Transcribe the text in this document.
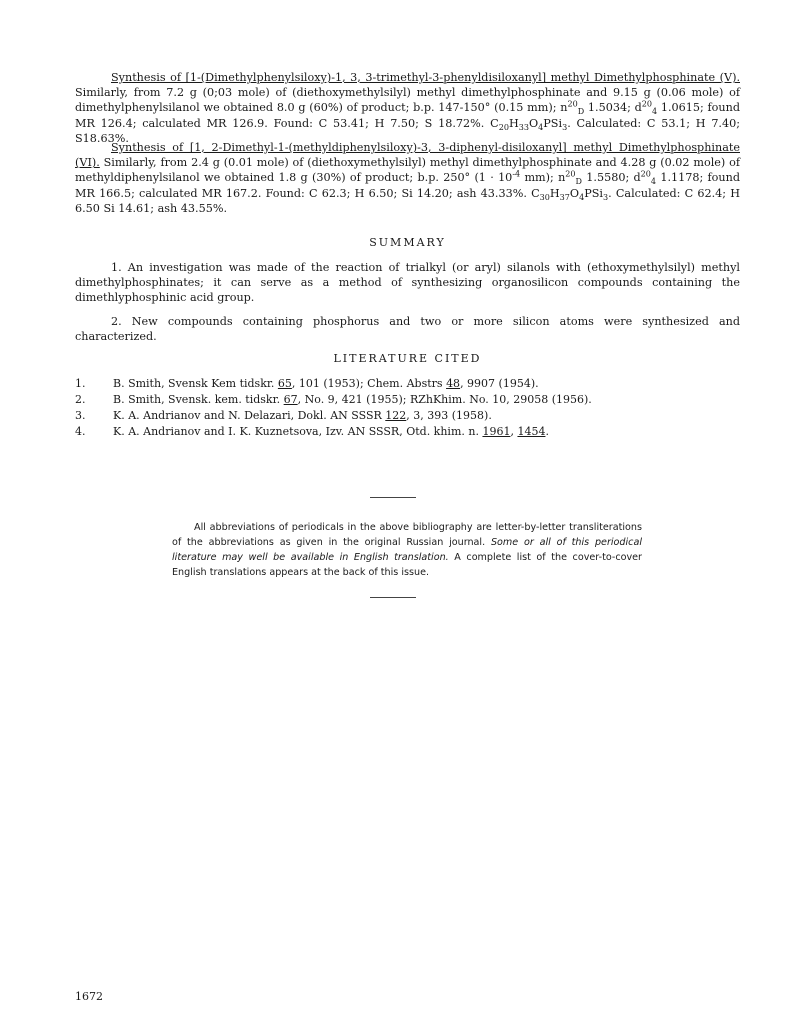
Synthesis of [1-(Dimethylphenylsiloxy)-1, 3, 3-trimethyl-3-phenyldisiloxanyl] methyl Dimethylphosphinate (V). Similarly, from 7.2 g (0;03 mole) of (diethoxymethylsilyl) methyl dimethylphosphinate and 9.15 g (0.06 mole) of dimethylphenylsilanol we obtained 8.0 g (60%) of product; b.p. 147-150° (0.15 mm); $n^{20}_D$ 1.5034; $d^{20}_4$ 1.0615; found MR 126.4; calculated MR 126.9. Found: C 53.41; H 7.50; S 18.72%. $C_{20}H_{33}O_4PSi_3$. Calculated: C 53.1; H 7.40; S18.63%.

Synthesis of [1, 2-Dimethyl-1-(methyldiphenylsiloxy)-3, 3-diphenyl-disiloxanyl] methyl Dimethylphosphinate (VI). Similarly, from 2.4 g (0.01 mole) of (diethoxymethylsilyl) methyl dimethylphosphinate and 4.28 g (0.02 mole) of methyldiphenylsilanol we obtained 1.8 g (30%) of product; b.p. 250° ($1 \cdot 10^{-4}$ mm); $n^{20}_D$ 1.5580; $d^{20}_4$ 1.1178; found MR 166.5; calculated MR 167.2. Found: C 62.3; H 6.50; Si 14.20; ash 43.33%. $C_{30}H_{37}O_4PSi_3$. Calculated: C 62.4; H 6.50 Si 14.61; ash 43.55%.

SUMMARY

1. An investigation was made of the reaction of trialkyl (or aryl) silanols with (ethoxymethylsilyl) methyl dimethylphosphinates; it can serve as a method of synthesizing organosilicon compounds containing the dimethlyphosphinic acid group.

2. New compounds containing phosphorus and two or more silicon atoms were synthesized and characterized.

LITERATURE CITED
1.	B. Smith, Svensk Kem tidskr. 65, 101 (1953); Chem. Abstrs 48, 9907 (1954).
2.	B. Smith, Svensk. kem. tidskr. 67, No. 9, 421 (1955); RZhKhim. No. 10, 29058 (1956).
3.	K. A. Andrianov and N. Delazari, Dokl. AN SSSR 122, 3, 393 (1958).
4.	K. A. Andrianov and I. K. Kuznetsova, Izv. AN SSSR, Otd. khim. n. 1961, 1454.
All abbreviations of periodicals in the above bibliography are letter-by-letter transliterations of the abbreviations as given in the original Russian journal. Some or all of this periodical literature may well be available in English translation. A complete list of the cover-to-cover English translations appears at the back of this issue.
1672
